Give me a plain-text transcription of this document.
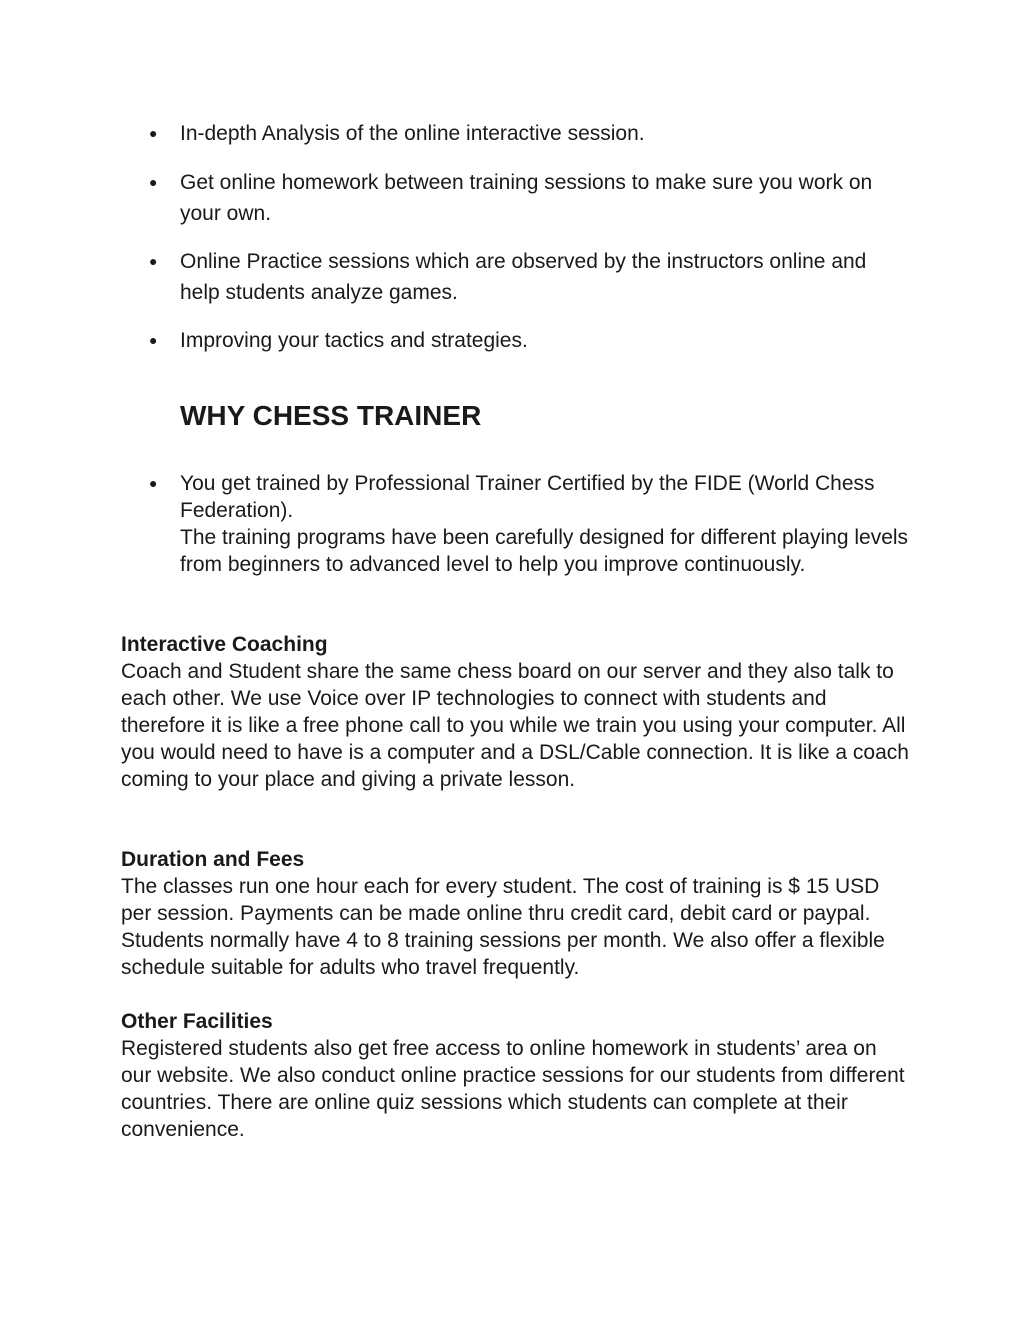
● In-depth Analysis of the online interactive session.
● Get online homework between training sessions to make sure you work on your own.
● Online Practice sessions which are observed by the instructors online and help students analyze games.
● Improving your tactics and strategies.
WHY CHESS TRAINER
● You get trained by Professional Trainer Certified by the FIDE (World Chess Federation).
The training programs have been carefully designed for different playing levels from beginners to advanced level to help you improve continuously.
Interactive Coaching
Coach and Student share the same chess board on our server and they also talk to each other. We use Voice over IP technologies to connect with students and therefore it is like a free phone call to you while we train you using your computer. All you would need to have is a computer and a DSL/Cable connection. It is like a coach coming to your place and giving a private lesson.
Duration and Fees
The classes run one hour each for every student. The cost of training is $ 15 USD per session. Payments can be made online thru credit card, debit card or paypal. Students normally have 4 to 8 training sessions per month. We also offer a flexible schedule suitable for adults who travel frequently.
Other Facilities
Registered students also get free access to online homework in students’ area on our website. We also conduct online practice sessions for our students from different countries. There are online quiz sessions which students can complete at their convenience.
